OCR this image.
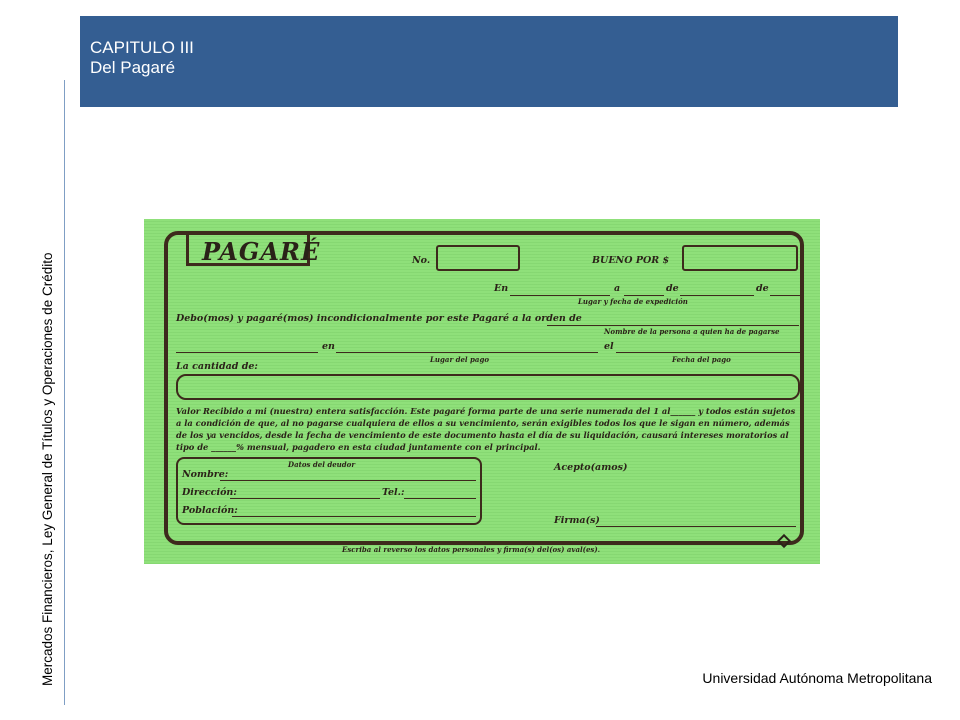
CAPITULO III
Del Pagaré
Mercados Financieros, Ley General de Títulos y Operaciones de Crédito
PAGARÉ	No.	BUENO POR $
En	a	de	de
Lugar y fecha de expedición
Debo(mos) y pagaré(mos) incondicionalmente por este Pagaré a la orden de
Nombre de la persona a quien ha de pagarse
en	el
Lugar del pago	Fecha del pago
La cantidad de:
Valor Recibido a mi (nuestra) entera satisfacción. Este pagaré forma parte de una serie numerada del 1 al______ y todos están sujetos a la condición de que, al no pagarse cualquiera de ellos a su vencimiento, serán exigibles todos los que le sigan en número, además de los ya vencidos, desde la fecha de vencimiento de este documento hasta el día de su liquidación, causará intereses moratorios al tipo de ______% mensual, pagadero en esta ciudad juntamente con el principal.
Datos del deudor
Nombre:
Dirección:	Tel.:
Población:
Acepto(amos)
Firma(s)
Escriba al reverso los datos personales y firma(s) del(os) aval(es).
Universidad Autónoma Metropolitana
